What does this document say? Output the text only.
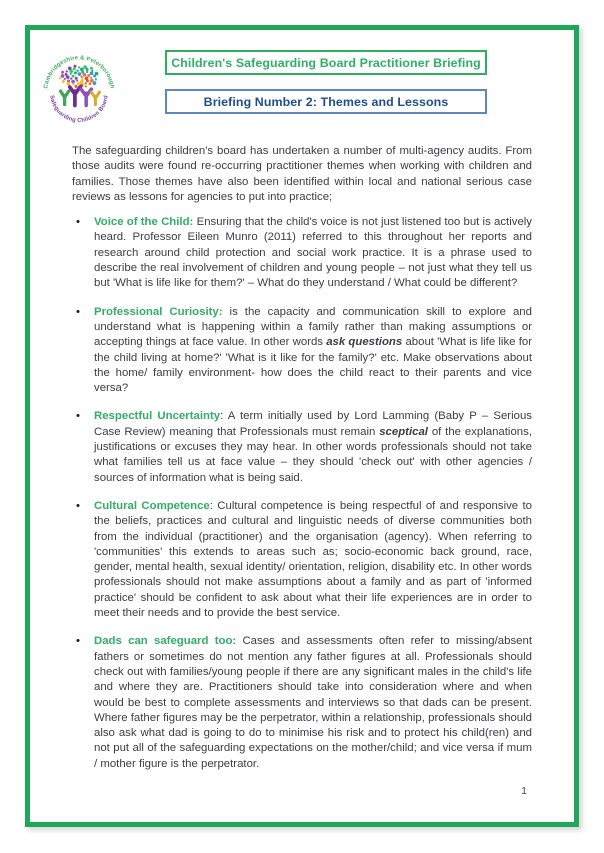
Cambridgeshire & Peterborough
Safeguarding Children Board
Children's Safeguarding Board Practitioner Briefing
Briefing Number 2: Themes and Lessons

The safeguarding children's board has undertaken a number of multi-agency audits. From those audits were found re-occurring practitioner themes when working with children and families. Those themes have also been identified within local and national serious case reviews as lessons for agencies to put into practice;

• Voice of the Child: Ensuring that the child's voice is not just listened too but is actively heard. Professor Eileen Munro (2011) referred to this throughout her reports and research around child protection and social work practice. It is a phrase used to describe the real involvement of children and young people – not just what they tell us but 'What is life like for them?' – What do they understand / What could be different?
• Professional Curiosity: is the capacity and communication skill to explore and understand what is happening within a family rather than making assumptions or accepting things at face value. In other words ask questions about 'What is life like for the child living at home?' 'What is it like for the family?' etc. Make observations about the home/ family environment- how does the child react to their parents and vice versa?
• Respectful Uncertainty: A term initially used by Lord Lamming (Baby P – Serious Case Review) meaning that Professionals must remain sceptical of the explanations, justifications or excuses they may hear. In other words professionals should not take what families tell us at face value – they should 'check out' with other agencies / sources of information what is being said.
• Cultural Competence: Cultural competence is being respectful of and responsive to the beliefs, practices and cultural and linguistic needs of diverse communities both from the individual (practitioner) and the organisation (agency). When referring to 'communities' this extends to areas such as; socio-economic back ground, race, gender, mental health, sexual identity/ orientation, religion, disability etc. In other words professionals should not make assumptions about a family and as part of 'informed practice' should be confident to ask about what their life experiences are in order to meet their needs and to provide the best service.
• Dads can safeguard too: Cases and assessments often refer to missing/absent fathers or sometimes do not mention any father figures at all. Professionals should check out with families/young people if there are any significant males in the child's life and where they are. Practitioners should take into consideration where and when would be best to complete assessments and interviews so that dads can be present. Where father figures may be the perpetrator, within a relationship, professionals should also ask what dad is going to do to minimise his risk and to protect his child(ren) and not put all of the safeguarding expectations on the mother/child; and vice versa if mum / mother figure is the perpetrator.
1
